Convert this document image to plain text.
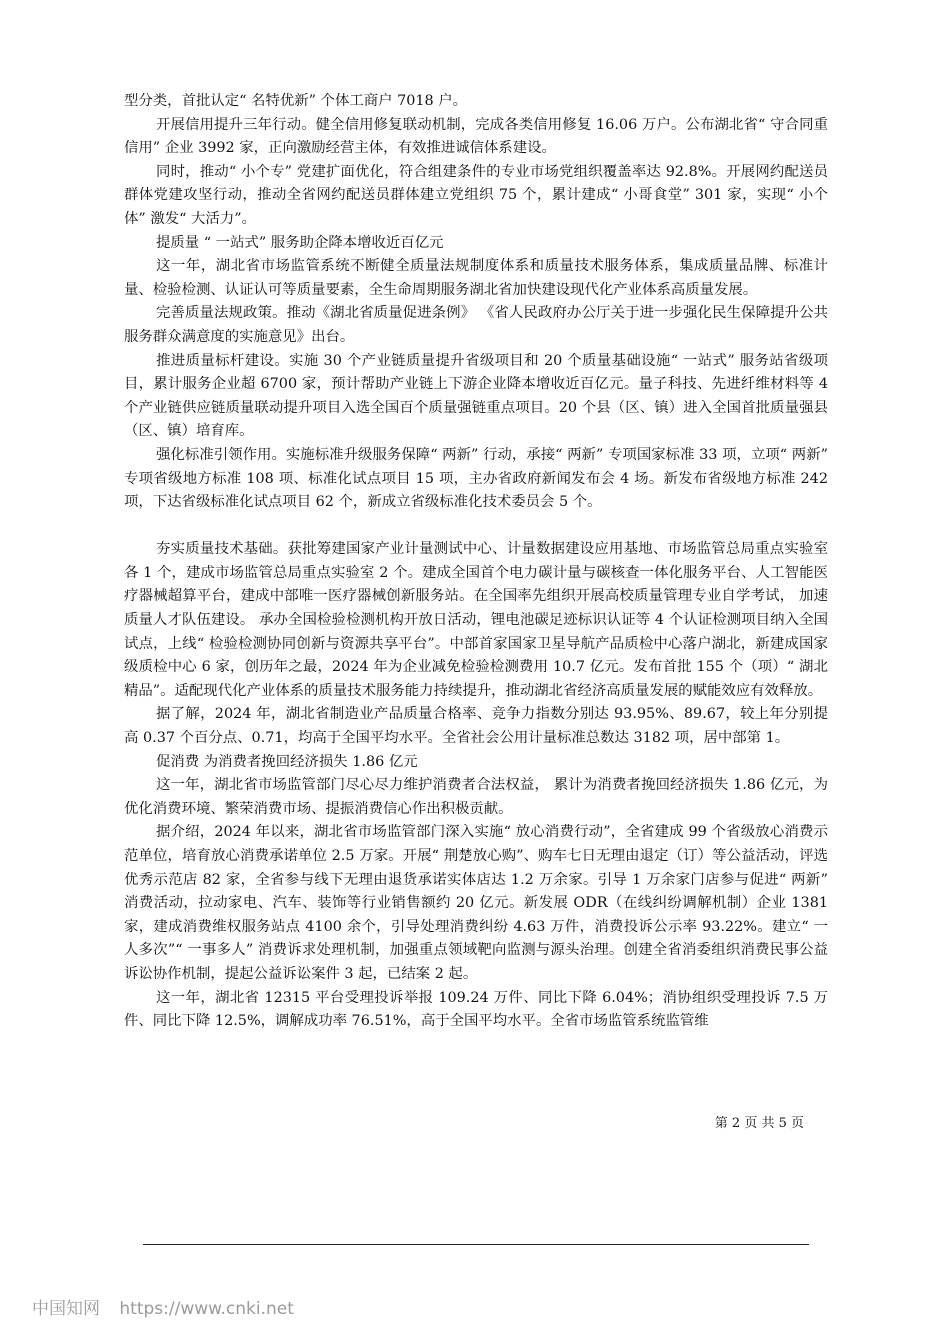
型分类，首批认定“ 名特优新” 个体工商户 7018 户。

开展信用提升三年行动。健全信用修复联动机制，完成各类信用修复 16.06 万户。公布湖北省“ 守合同重信用” 企业 3992 家，正向激励经营主体，有效推进诚信体系建设。

同时，推动“ 小个专” 党建扩面优化，符合组建条件的专业市场党组织覆盖率达 92.8%。开展网约配送员群体党建攻坚行动，推动全省网约配送员群体建立党组织 75 个，累计建成“ 小哥食堂” 301 家，实现“ 小个体” 激发“ 大活力”。

提质量 “ 一站式” 服务助企降本增收近百亿元

这一年，湖北省市场监管系统不断健全质量法规制度体系和质量技术服务体系，集成质量品牌、标准计量、检验检测、认证认可等质量要素，全生命周期服务湖北省加快建设现代化产业体系高质量发展。

完善质量法规政策。推动《湖北省质量促进条例》 《省人民政府办公厅关于进一步强化民生保障提升公共服务群众满意度的实施意见》出台。

推进质量标杆建设。实施 30 个产业链质量提升省级项目和 20 个质量基础设施“ 一站式” 服务站省级项目，累计服务企业超 6700 家，预计帮助产业链上下游企业降本增收近百亿元。量子科技、先进纤维材料等 4 个产业链供应链质量联动提升项目入选全国百个质量强链重点项目。20 个县（区、镇）进入全国首批质量强县（区、镇）培育库。

强化标准引领作用。实施标准升级服务保障“ 两新” 行动，承接“ 两新” 专项国家标准 33 项，立项“ 两新” 专项省级地方标准 108 项、标准化试点项目 15 项，主办省政府新闻发布会 4 场。新发布省级地方标准 242 项，下达省级标准化试点项目 62 个，新成立省级标准化技术委员会 5 个。

夯实质量技术基础。获批筹建国家产业计量测试中心、计量数据建设应用基地、市场监管总局重点实验室各 1 个，建成市场监管总局重点实验室 2 个。建成全国首个电力碳计量与碳核查一体化服务平台、人工智能医疗器械超算平台，建成中部唯一医疗器械创新服务站。在全国率先组织开展高校质量管理专业自学考试， 加速质量人才队伍建设。 承办全国检验检测机构开放日活动，锂电池碳足迹标识认证等 4 个认证检测项目纳入全国试点，上线“ 检验检测协同创新与资源共享平台”。中部首家国家卫星导航产品质检中心落户湖北，新建成国家级质检中心 6 家，创历年之最，2024 年为企业减免检验检测费用 10.7 亿元。发布首批 155 个（项）“ 湖北精品”。适配现代化产业体系的质量技术服务能力持续提升，推动湖北省经济高质量发展的赋能效应有效释放。

据了解，2024 年，湖北省制造业产品质量合格率、竞争力指数分别达 93.95%、89.67，较上年分别提高 0.37 个百分点、0.71，均高于全国平均水平。全省社会公用计量标准总数达 3182 项，居中部第 1。

促消费 为消费者挽回经济损失 1.86 亿元

这一年，湖北省市场监管部门尽心尽力维护消费者合法权益， 累计为消费者挽回经济损失 1.86 亿元，为优化消费环境、繁荣消费市场、提振消费信心作出积极贡献。

据介绍，2024 年以来，湖北省市场监管部门深入实施“ 放心消费行动”，全省建成 99 个省级放心消费示范单位，培育放心消费承诺单位 2.5 万家。开展“ 荆楚放心购”、购车七日无理由退定（订）等公益活动，评选优秀示范店 82 家，全省参与线下无理由退货承诺实体店达 1.2 万余家。引导 1 万余家门店参与促进“ 两新” 消费活动，拉动家电、汽车、装饰等行业销售额约 20 亿元。新发展 ODR（在线纠纷调解机制）企业 1381 家，建成消费维权服务站点 4100 余个，引导处理消费纠纷 4.63 万件，消费投诉公示率 93.22%。建立“ 一人多次”“ 一事多人” 消费诉求处理机制，加强重点领域靶向监测与源头治理。创建全省消委组织消费民事公益诉讼协作机制，提起公益诉讼案件 3 起，已结案 2 起。

这一年，湖北省 12315 平台受理投诉举报 109.24 万件、同比下降 6.04%；消协组织受理投诉 7.5 万件、同比下降 12.5%，调解成功率 76.51%，高于全国平均水平。全省市场监管系统监管维

第 2 页 共 5 页
中国知网 https://www.cnki.net
